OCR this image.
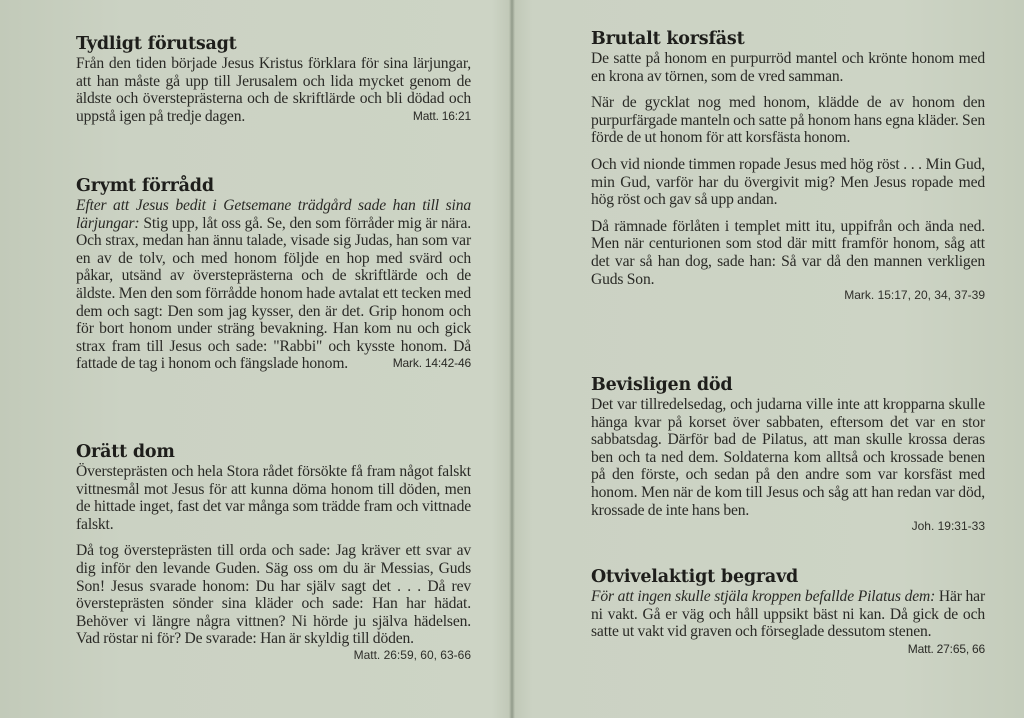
Tydligt förutsagt

Från den tiden började Jesus Kristus förklara för sina lärjungar, att han måste gå upp till Jerusalem och lida mycket genom de äldste och översteprästerna och de skriftlärde och bli dödad och uppstå igen på tredje dagen.	Matt. 16:21

Grymt förrådd

Efter att Jesus bedit i Getsemane trädgård sade han till sina lärjungar: Stig upp, låt oss gå. Se, den som förråder mig är nära. Och strax, medan han ännu talade, visade sig Judas, han som var en av de tolv, och med honom följde en hop med svärd och påkar, utsänd av översteprästerna och de skriftlärde och de äldste. Men den som förrådde honom hade avtalat ett tecken med dem och sagt: Den som jag kysser, den är det. Grip honom och för bort honom under sträng bevakning. Han kom nu och gick strax fram till Jesus och sade: "Rabbi" och kysste honom. Då fattade de tag i honom och fängslade honom.	Mark. 14:42-46

Orätt dom

Översteprästen och hela Stora rådet försökte få fram något falskt vittnesmål mot Jesus för att kunna döma honom till döden, men de hittade inget, fast det var många som trädde fram och vittnade falskt.

Då tog översteprästen till orda och sade: Jag kräver ett svar av dig inför den levande Guden. Säg oss om du är Messias, Guds Son! Jesus svarade honom: Du har själv sagt det . . . Då rev översteprästen sönder sina kläder och sade: Han har hädat. Behöver vi längre några vittnen? Ni hörde ju själva hädelsen. Vad röstar ni för? De svarade: Han är skyldig till döden.

Matt. 26:59, 60, 63-66
Brutalt korsfäst

De satte på honom en purpurröd mantel och krönte honom med en krona av törnen, som de vred samman.

När de gycklat nog med honom, klädde de av honom den purpurfärgade manteln och satte på honom hans egna kläder. Sen förde de ut honom för att korsfästa honom.

Och vid nionde timmen ropade Jesus med hög röst . . . Min Gud, min Gud, varför har du övergivit mig? Men Jesus ropade med hög röst och gav så upp andan.

Då rämnade förlåten i templet mitt itu, uppifrån och ända ned. Men när centurionen som stod där mitt framför honom, såg att det var så han dog, sade han: Så var då den mannen verkligen Guds Son.

Mark. 15:17, 20, 34, 37-39
Bevisligen död

Det var tillredelsedag, och judarna ville inte att kropparna skulle hänga kvar på korset över sabbaten, eftersom det var en stor sabbatsdag. Därför bad de Pilatus, att man skulle krossa deras ben och ta ned dem. Soldaterna kom alltså och krossade benen på den förste, och sedan på den andre som var korsfäst med honom. Men när de kom till Jesus och såg att han redan var död, krossade de inte hans ben.

Joh. 19:31-33
Otvivelaktigt begravd

För att ingen skulle stjäla kroppen befallde Pilatus dem: Här har ni vakt. Gå er väg och håll uppsikt bäst ni kan. Då gick de och satte ut vakt vid graven och förseglade dessutom stenen.
Matt. 27:65, 66
